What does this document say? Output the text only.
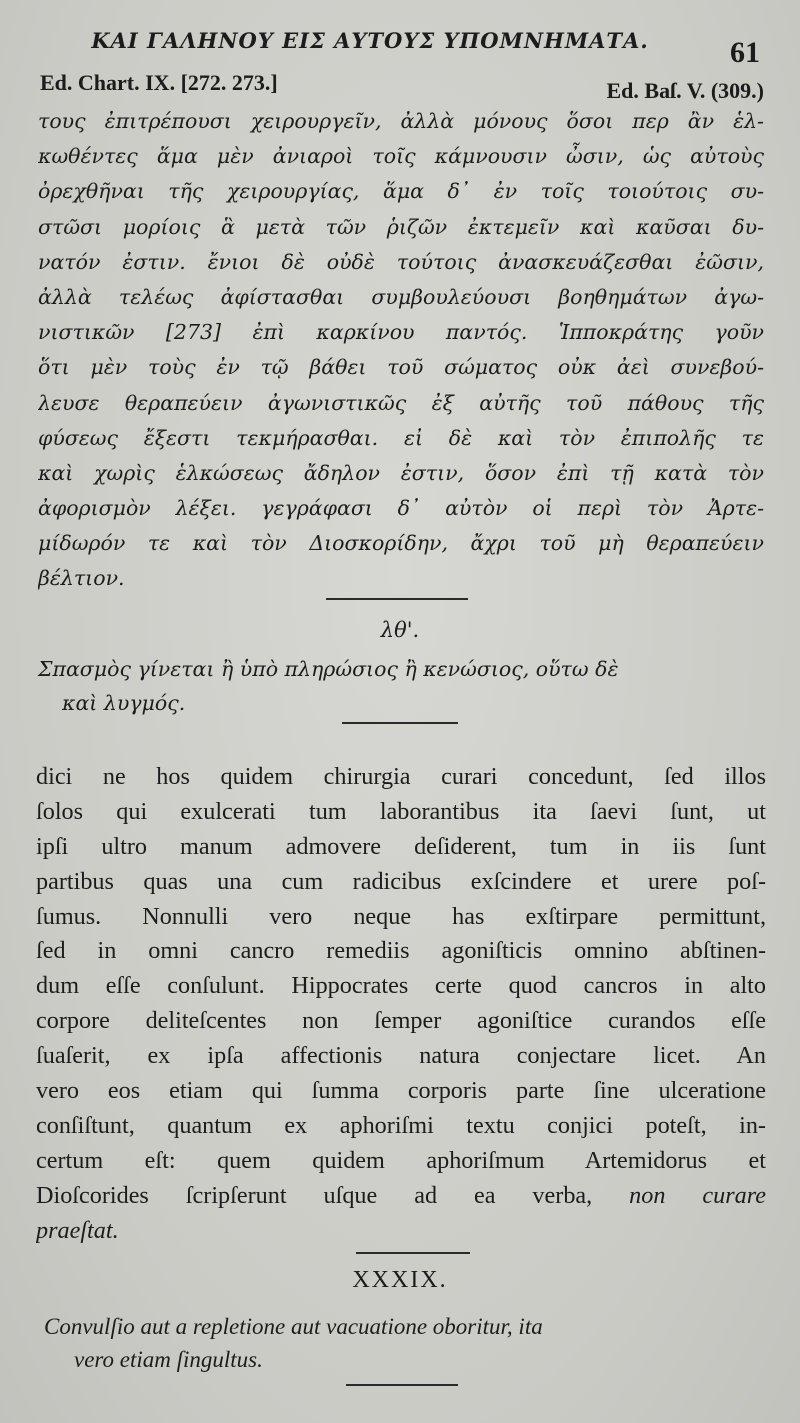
ΚΑΙ ΓΑΛΗΝΟΥ ΕΙΣ ΑΥΤΟΥΣ ΥΠΟΜΝΗΜΑΤΑ.	61
Ed. Chart. IX. [272. 273.]	Ed. Baſ. V. (309.)
τους ἐπιτρέπουσι χειρουργεῖν, ἀλλὰ μόνους ὅσοι περ ἂν ἑλ-
κωθέντες ἅμα μὲν ἀνιαροὶ τοῖς κάμνουσιν ὦσιν, ὡς αὐτοὺς
ὀρεχθῆναι τῆς χειρουργίας, ἅμα δ᾽ ἐν τοῖς τοιούτοις συ-
στῶσι μορίοις ἃ μετὰ τῶν ῥιζῶν ἐκτεμεῖν καὶ καῦσαι δυ-
νατόν ἐστιν. ἔνιοι δὲ οὐδὲ τούτοις ἀνασκευάζεσθαι ἐῶσιν,
ἀλλὰ τελέως ἀφίστασθαι συμβουλεύουσι βοηθημάτων ἀγω-
νιστικῶν [273] ἐπὶ καρκίνου παντός. Ἱπποκράτης γοῦν
ὅτι μὲν τοὺς ἐν τῷ βάθει τοῦ σώματος οὐκ ἀεὶ συνεβού-
λευσε θεραπεύειν ἀγωνιστικῶς ἐξ αὐτῆς τοῦ πάθους τῆς
φύσεως ἔξεστι τεκμήρασθαι. εἰ δὲ καὶ τὸν ἐπιπολῆς τε
καὶ χωρὶς ἑλκώσεως ἄδηλον ἐστιν, ὅσον ἐπὶ τῇ κατὰ τὸν
ἀφορισμὸν λέξει. γεγράφασι δ᾽ αὐτὸν οἱ περὶ τὸν Ἀρτε-
μίδωρόν τε καὶ τὸν Διοσκορίδην, ἄχρι τοῦ μὴ θεραπεύειν
βέλτιον.
λθ'.
Σπασμὸς γίνεται ἢ ὑπὸ πληρώσιος ἢ κενώσιος, οὕτω δὲ
καὶ λυγμός.
dici ne hos quidem chirurgia curari concedunt, ſed illos
ſolos qui exulcerati tum laborantibus ita ſaevi ſunt, ut
ipſi ultro manum admovere deſiderent, tum in iis ſunt
partibus quas una cum radicibus exſcindere et urere poſ-
ſumus. Nonnulli vero neque has exſtirpare permittunt,
ſed in omni cancro remediis agoniſticis omnino abſtinen-
dum eſſe conſulunt. Hippocrates certe quod cancros in alto
corpore deliteſcentes non ſemper agoniſtice curandos eſſe
ſuaſerit, ex ipſa affectionis natura conjectare licet. An
vero eos etiam qui ſumma corporis parte ſine ulceratione
conſiſtunt, quantum ex aphoriſmi textu conjici poteſt, in-
certum eſt: quem quidem aphoriſmum Artemidorus et
Dioſcorides ſcripſerunt uſque ad ea verba, non curare
praeſtat.
XXXIX.
Convulſio aut a repletione aut vacuatione oboritur, ita
vero etiam ſingultus.
